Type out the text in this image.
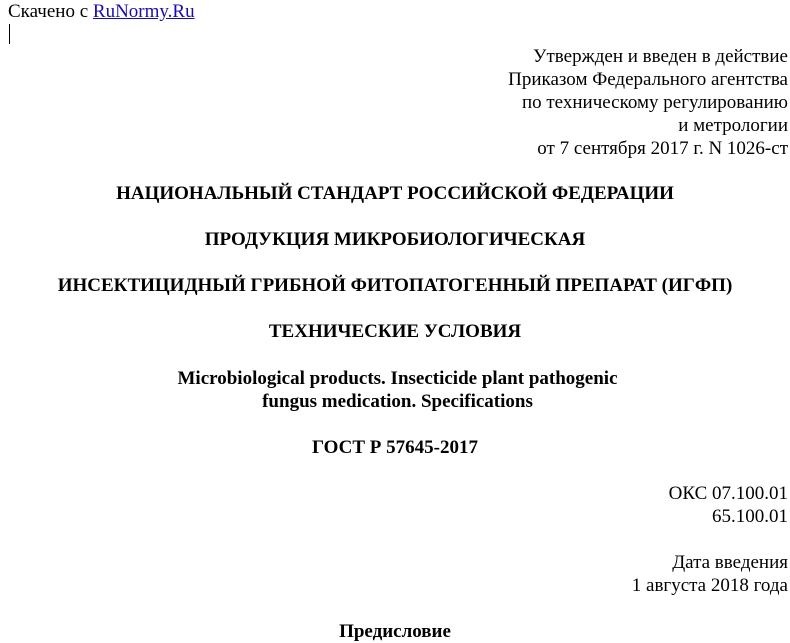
Скачено с RuNormy.Ru
Утвержден и введен в действие
Приказом Федерального агентства
по техническому регулированию
и метрологии
от 7 сентября 2017 г. N 1026-ст
НАЦИОНАЛЬНЫЙ СТАНДАРТ РОССИЙСКОЙ ФЕДЕРАЦИИ
ПРОДУКЦИЯ МИКРОБИОЛОГИЧЕСКАЯ
ИНСЕКТИЦИДНЫЙ ГРИБНОЙ ФИТОПАТОГЕННЫЙ ПРЕПАРАТ (ИГФП)
ТЕХНИЧЕСКИЕ УСЛОВИЯ
Microbiological products. Insecticide plant pathogenic
fungus medication. Specifications
ГОСТ Р 57645-2017
ОКС 07.100.01
65.100.01
Дата введения
1 августа 2018 года
Предисловие
